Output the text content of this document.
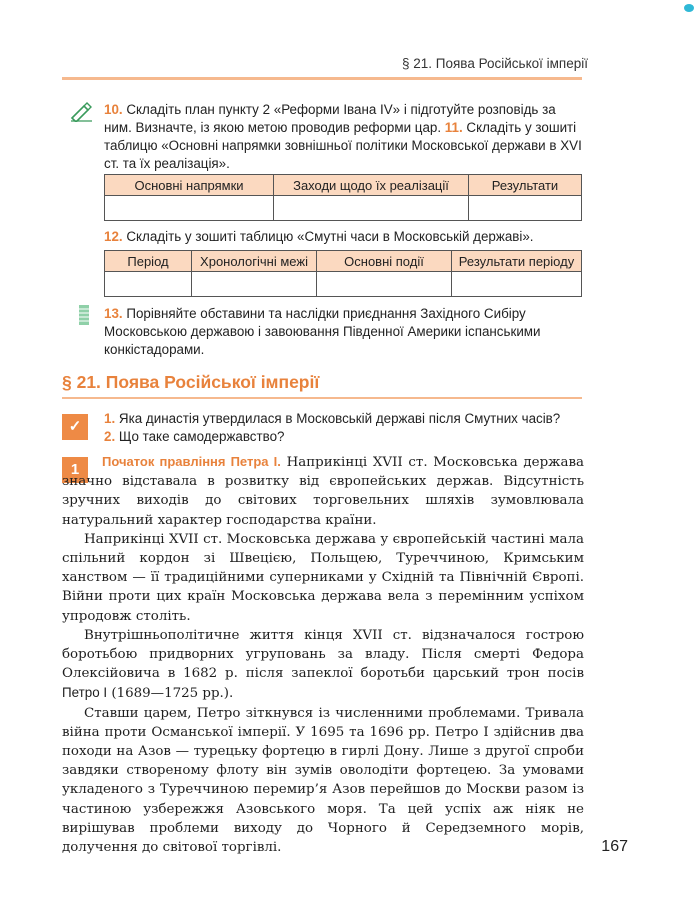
§ 21. Поява Російської імперії
10. Складіть план пункту 2 «Реформи Івана IV» і підготуйте розповідь за ним. Визначте, із якою метою проводив реформи цар. 11. Складіть у зошиті таблицю «Основні напрямки зовнішньої політики Московської держави в XVI ст. та їх реалізація».
Основні напрямки	Заходи щодо їх реалізації	Результати

12. Складіть у зошиті таблицю «Смутні часи в Московській державі».
Період	Хронологічні межі	Основні події	Результати періоду

13. Порівняйте обставини та наслідки приєднання Західного Сибіру Московською державою і завоювання Південної Америки іспанськими конкістадорами.
§ 21. Поява Російської імперії
✓	1. Яка династія утвердилася в Московській державі після Смутних часів?
2. Що таке самодержавство?
1	Початок правління Петра І. Наприкінці XVII ст. Московська держава значно відставала в розвитку від європейських держав. Відсутність зручних виходів до світових торговельних шляхів зумовлювала натуральний характер господарства країни.

Наприкінці XVII ст. Московська держава у європейській частині мала спільний кордон зі Швецією, Польщею, Туреччиною, Кримським ханством — її традиційними суперниками у Східній та Північній Європі. Війни проти цих країн Московська держава вела з перемінним успіхом упродовж століть.

Внутрішньополітичне життя кінця XVII ст. відзначалося гострою боротьбою придворних угруповань за владу. Після смерті Федора Олексійовича в 1682 р. після запеклої боротьби царський трон посів Петро І (1689—1725 рр.).

Ставши царем, Петро зіткнувся із численними проблемами. Тривала війна проти Османської імперії. У 1695 та 1696 рр. Петро І здійснив два походи на Азов — турецьку фортецю в гирлі Дону. Лише з другої спроби завдяки створеному флоту він зумів оволодіти фортецею. За умовами укладеного з Туреччиною перемир’я Азов перейшов до Москви разом із частиною узбережжя Азовського моря. Та цей успіх аж ніяк не вирішував проблеми виходу до Чорного й Середземного морів, долучення до світової торгівлі.	167
